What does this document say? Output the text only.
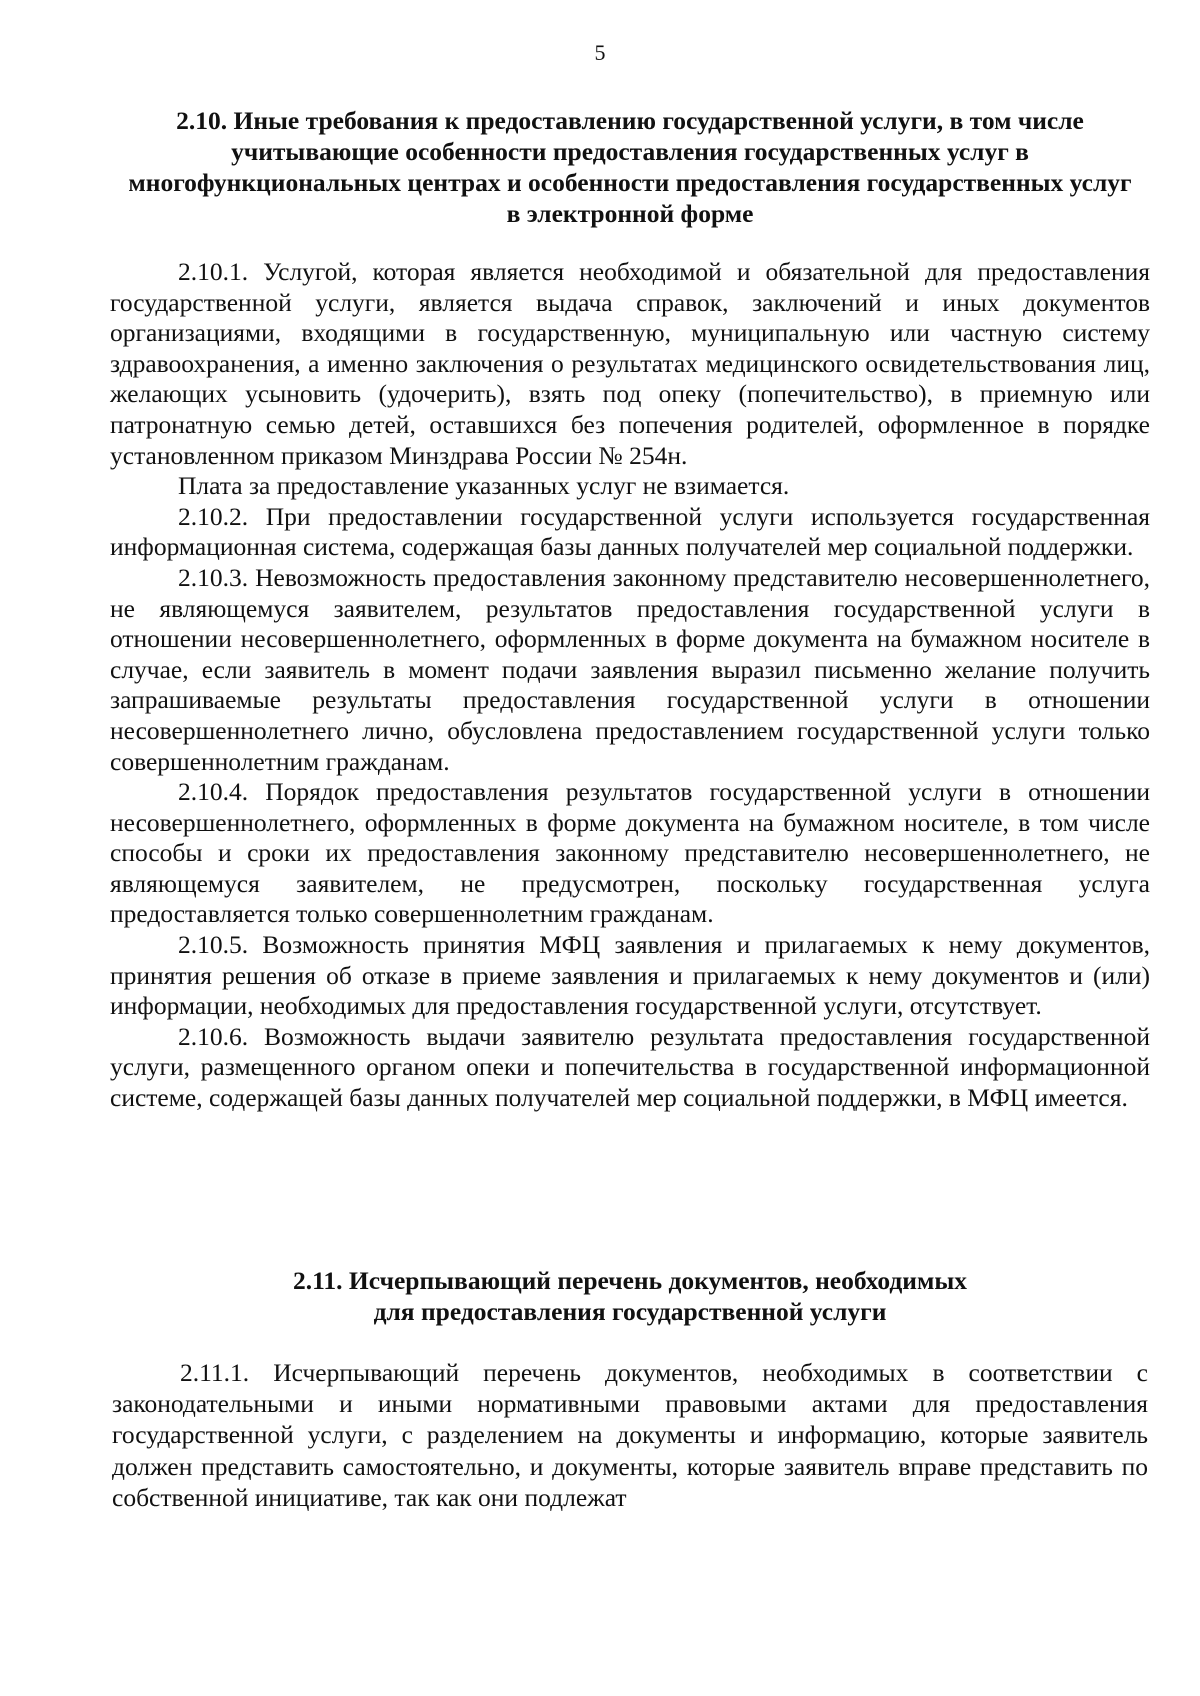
5
2.10. Иные требования к предоставлению государственной услуги, в том числе учитывающие особенности предоставления государственных услуг в многофункциональных центрах и особенности предоставления государственных услуг в электронной форме

2.10.1. Услугой, которая является необходимой и обязательной для предоставления государственной услуги, является выдача справок, заключений и иных документов организациями, входящими в государственную, муниципальную или частную систему здравоохранения, а именно заключения о результатах медицинского освидетельствования лиц, желающих усыновить (удочерить), взять под опеку (попечительство), в приемную или патронатную семью детей, оставшихся без попечения родителей, оформленное в порядке установленном приказом Минздрава России № 254н.

Плата за предоставление указанных услуг не взимается.

2.10.2. При предоставлении государственной услуги используется государственная информационная система, содержащая базы данных получателей мер социальной поддержки.

2.10.3. Невозможность предоставления законному представителю несовершеннолетнего, не являющемуся заявителем, результатов предоставления государственной услуги в отношении несовершеннолетнего, оформленных в форме документа на бумажном носителе в случае, если заявитель в момент подачи заявления выразил письменно желание получить запрашиваемые результаты предоставления государственной услуги в отношении несовершеннолетнего лично, обусловлена предоставлением государственной услуги только совершеннолетним гражданам.

2.10.4. Порядок предоставления результатов государственной услуги в отношении несовершеннолетнего, оформленных в форме документа на бумажном носителе, в том числе способы и сроки их предоставления законному представителю несовершеннолетнего, не являющемуся заявителем, не предусмотрен, поскольку государственная услуга предоставляется только совершеннолетним гражданам.

2.10.5. Возможность принятия МФЦ заявления и прилагаемых к нему документов, принятия решения об отказе в приеме заявления и прилагаемых к нему документов и (или) информации, необходимых для предоставления государственной услуги, отсутствует.

2.10.6. Возможность выдачи заявителю результата предоставления государственной услуги, размещенного органом опеки и попечительства в государственной информационной системе, содержащей базы данных получателей мер социальной поддержки, в МФЦ имеется.

2.11. Исчерпывающий перечень документов, необходимых
для предоставления государственной услуги

2.11.1. Исчерпывающий перечень документов, необходимых в соответствии с законодательными и иными нормативными правовыми актами для предоставления государственной услуги, с разделением на документы и информацию, которые заявитель должен представить самостоятельно, и документы, которые заявитель вправе представить по собственной инициативе, так как они подлежат
